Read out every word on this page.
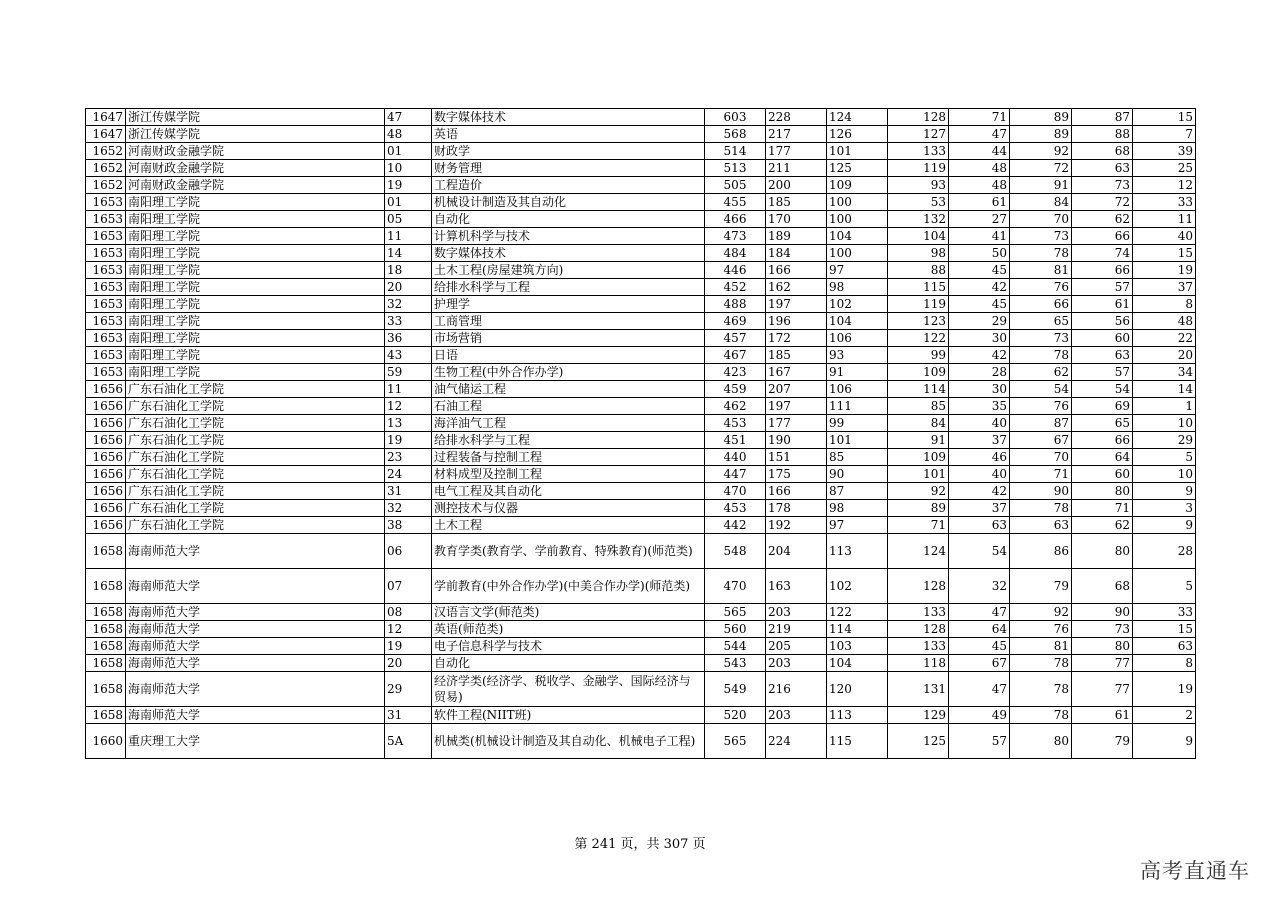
1647	浙江传媒学院	47	数字媒体技术	603	228	124	128	71	89	87	15
1647	浙江传媒学院	48	英语	568	217	126	127	47	89	88	7
1652	河南财政金融学院	01	财政学	514	177	101	133	44	92	68	39
1652	河南财政金融学院	10	财务管理	513	211	125	119	48	72	63	25
1652	河南财政金融学院	19	工程造价	505	200	109	93	48	91	73	12
1653	南阳理工学院	01	机械设计制造及其自动化	455	185	100	53	61	84	72	33
1653	南阳理工学院	05	自动化	466	170	100	132	27	70	62	11
1653	南阳理工学院	11	计算机科学与技术	473	189	104	104	41	73	66	40
1653	南阳理工学院	14	数字媒体技术	484	184	100	98	50	78	74	15
1653	南阳理工学院	18	土木工程(房屋建筑方向)	446	166	97	88	45	81	66	19
1653	南阳理工学院	20	给排水科学与工程	452	162	98	115	42	76	57	37
1653	南阳理工学院	32	护理学	488	197	102	119	45	66	61	8
1653	南阳理工学院	33	工商管理	469	196	104	123	29	65	56	48
1653	南阳理工学院	36	市场营销	457	172	106	122	30	73	60	22
1653	南阳理工学院	43	日语	467	185	93	99	42	78	63	20
1653	南阳理工学院	59	生物工程(中外合作办学)	423	167	91	109	28	62	57	34
1656	广东石油化工学院	11	油气储运工程	459	207	106	114	30	54	54	14
1656	广东石油化工学院	12	石油工程	462	197	111	85	35	76	69	1
1656	广东石油化工学院	13	海洋油气工程	453	177	99	84	40	87	65	10
1656	广东石油化工学院	19	给排水科学与工程	451	190	101	91	37	67	66	29
1656	广东石油化工学院	23	过程装备与控制工程	440	151	85	109	46	70	64	5
1656	广东石油化工学院	24	材料成型及控制工程	447	175	90	101	40	71	60	10
1656	广东石油化工学院	31	电气工程及其自动化	470	166	87	92	42	90	80	9
1656	广东石油化工学院	32	测控技术与仪器	453	178	98	89	37	78	71	3
1656	广东石油化工学院	38	土木工程	442	192	97	71	63	63	62	9
1658	海南师范大学	06	教育学类(教育学、学前教育、特殊教育)(师范类)	548	204	113	124	54	86	80	28
1658	海南师范大学	07	学前教育(中外合作办学)(中美合作办学)(师范类)	470	163	102	128	32	79	68	5
1658	海南师范大学	08	汉语言文学(师范类)	565	203	122	133	47	92	90	33
1658	海南师范大学	12	英语(师范类)	560	219	114	128	64	76	73	15
1658	海南师范大学	19	电子信息科学与技术	544	205	103	133	45	81	80	63
1658	海南师范大学	20	自动化	543	203	104	118	67	78	77	8
1658	海南师范大学	29	经济学类(经济学、税收学、金融学、国际经济与贸易)	549	216	120	131	47	78	77	19
1658	海南师范大学	31	软件工程(NIIT班)	520	203	113	129	49	78	61	2
1660	重庆理工大学	5A	机械类(机械设计制造及其自动化、机械电子工程)	565	224	115	125	57	80	79	9
第 241 页，共 307 页
高考直通车
